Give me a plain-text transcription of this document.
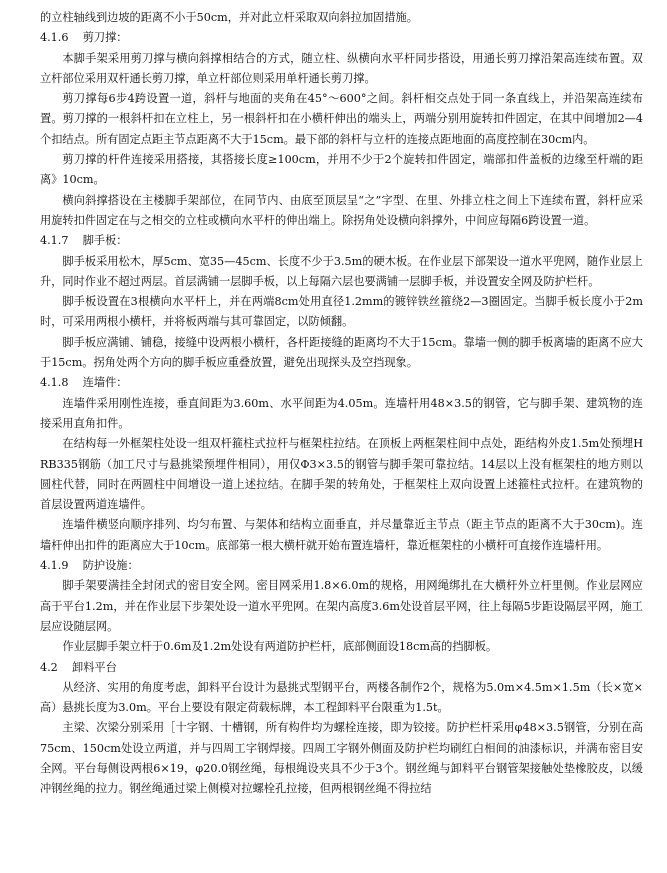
的立柱轴线到边坡的距离不小于50cm，并对此立杆采取双向斜拉加固措施。

4.1.6    剪刀撑：

本脚手架采用剪刀撑与横向斜撑相结合的方式，随立柱、纵横向水平杆同步搭设，用通长剪刀撑沿架高连续布置。双立杆部位采用双杆通长剪刀撑，单立杆部位则采用单杆通长剪刀撑。

剪刀撑每6步4跨设置一道，斜杆与地面的夹角在45°～600°之间。斜杆相交点处于同一条直线上，并沿架高连续布置。剪刀撑的一根斜杆扣在立柱上，另一根斜杆扣在小横杆伸出的端头上，两端分别用旋转扣件固定，在其中间增加2—4个扣结点。所有固定点距主节点距离不大于15cm。最下部的斜杆与立杆的连接点距地面的高度控制在30cm内。

剪刀撑的杆件连接采用搭接，其搭接长度≥100cm，并用不少于2个旋转扣件固定，端部扣件盖板的边缘至杆端的距离》10cm。

横向斜撑搭设在主楼脚手架部位，在同节内、由底至顶层呈“之”字型、在里、外排立柱之间上下连续布置，斜杆应采用旋转扣件固定在与之相交的立柱或横向水平杆的伸出端上。除拐角处设横向斜撑外，中间应每隔6跨设置一道。

4.1.7    脚手板：

脚手板采用松木，厚5cm、宽35—45cm、长度不少于3.5m的硬木板。在作业层下部架设一道水平兜网，随作业层上升，同时作业不超过两层。首层满铺一层脚手板，以上每隔六层也要满铺一层脚手板，并设置安全网及防护栏杆。

脚手板设置在3根横向水平杆上，并在两端8cm处用直径1.2mm的镀锌铁丝箍绕2—3圈固定。当脚手板长度小于2m时，可采用两根小横杆，并将板两端与其可靠固定，以防倾翻。

脚手板应满铺、铺稳，接缝中设两根小横杆，各杆距接缝的距离均不大于15cm。靠墙一侧的脚手板离墙的距离不应大于15cm。拐角处两个方向的脚手板应重叠放置，避免出现探头及空挡现象。

4.1.8    连墙件：

连墙件采用刚性连接，垂直间距为3.60m、水平间距为4.05m。连墙杆用48×3.5的钢管，它与脚手架、建筑物的连接采用直角扣件。

在结构每一外框架柱处设一组双杆箍柱式拉杆与框架柱拉结。在顶板上两框架柱间中点处，距结构外皮1.5m处预埋HRB335钢筋（加工尺寸与悬挑梁预埋件相同），用仅Φ3×3.5的钢管与脚手架可靠拉结。14层以上没有框架柱的地方则以圆柱代替，同时在两圆柱中间增设一道上述拉结。在脚手架的转角处，于框架柱上双向设置上述箍柱式拉杆。在建筑物的首层设置两道连墙件。

连墙件横竖向顺序排列、均匀布置、与架体和结构立面垂直，并尽量靠近主节点（距主节点的距离不大于30cm)。连墙杆伸出扣件的距离应大于10cm。底部第一根大横杆就开始布置连墙杆，靠近框架柱的小横杆可直接作连墙杆用。

4.1.9    防护设施：

脚手架要满挂全封闭式的密目安全网。密目网采用1.8×6.0m的规格，用网绳绑扎在大横杆外立杆里侧。作业层网应高于平台1.2m，并在作业层下步架处设一道水平兜网。在架内高度3.6m处设首层平网，往上每隔5步距设隔层平网，施工层应设随层网。

作业层脚手架立杆于0.6m及1.2m处设有两道防护栏杆，底部侧面设18cm高的挡脚板。

4.2    卸料平台

从经济、实用的角度考虑，卸料平台设计为悬挑式型钢平台，两楼各制作2个，规格为5.0m×4.5m×1.5m（长×宽×高）悬挑长度为3.0m。平台上要设有限定荷载标牌，本工程卸料平台限重为1.5t。

主梁、次梁分别采用［十字钢、十槽钢，所有构件均为螺栓连接，即为铰接。防护栏杆采用φ48×3.5钢管，分别在高75cm、150cm处设立两道，并与四周工字钢焊接。四周工字钢外侧面及防护栏均刷红白相间的油漆标识，并满布密目安全网。平台每侧设两根6×19，φ20.0钢丝绳，每根绳设夹具不少于3个。钢丝绳与卸料平台钢管架接触处垫橡胶皮，以缓冲钢丝绳的拉力。钢丝绳通过梁上侧模对拉螺栓孔拉接，但两根钢丝绳不得拉结
